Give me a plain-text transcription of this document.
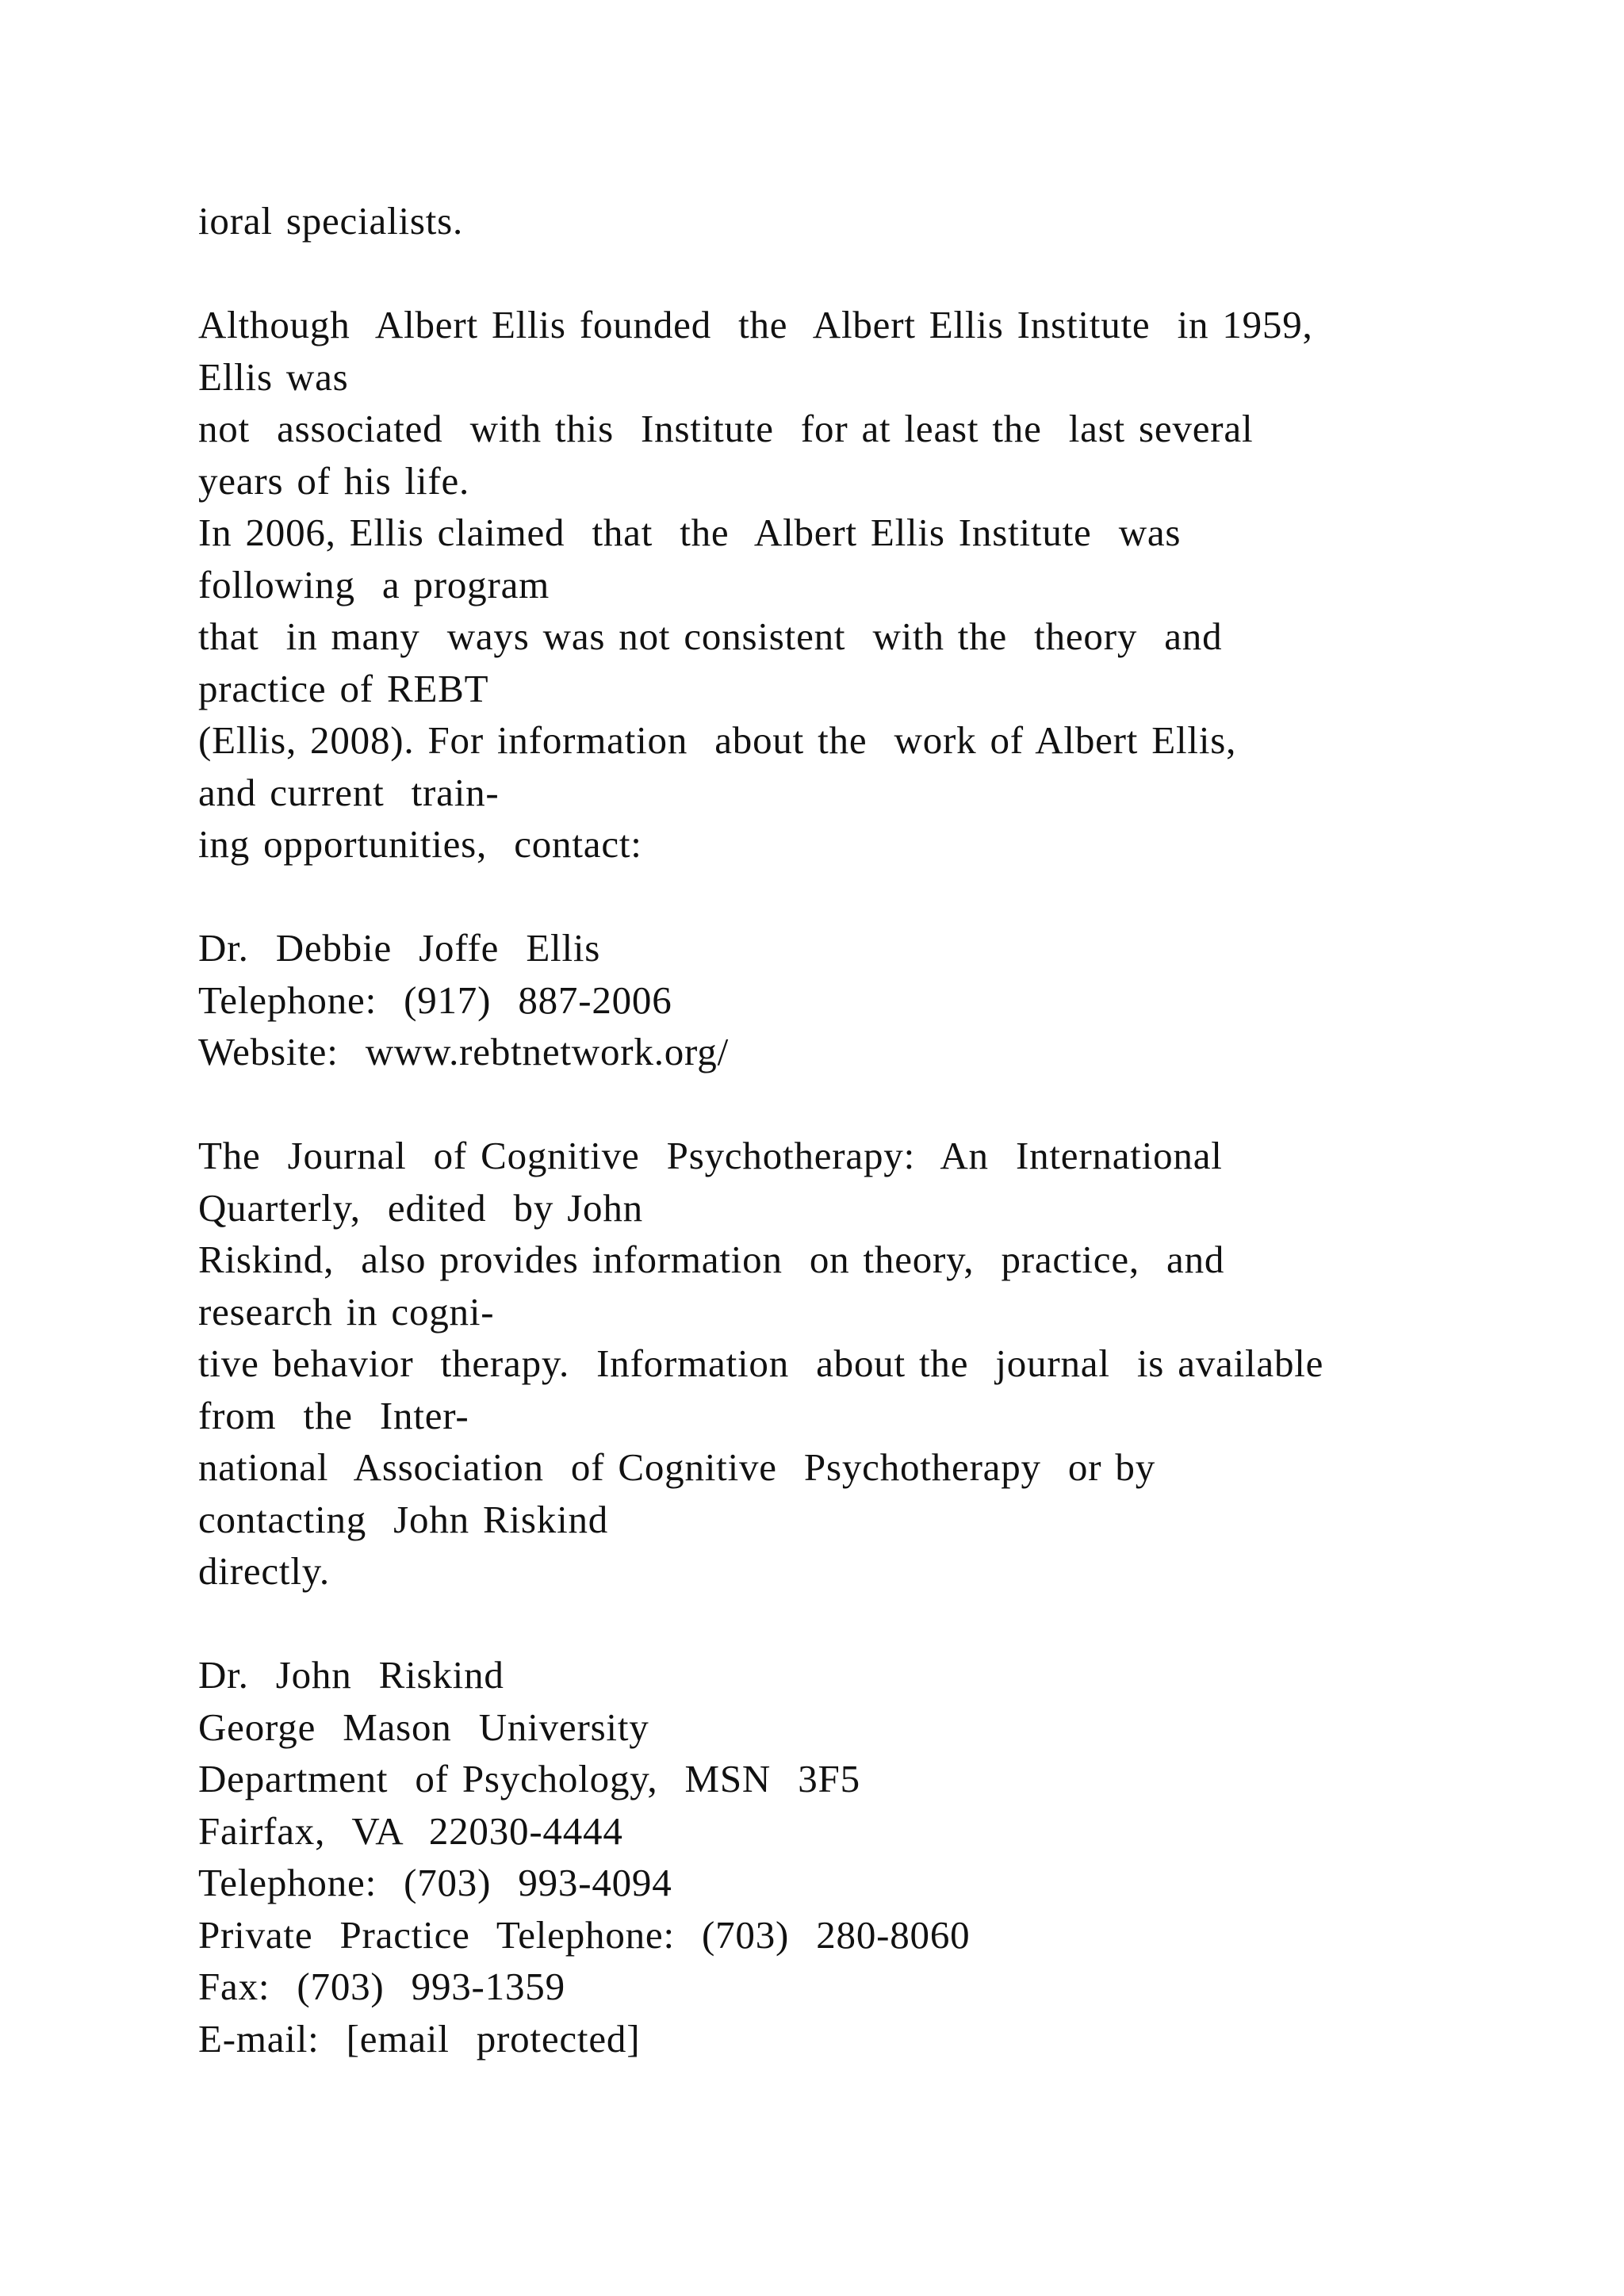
ioral specialists.
Although  Albert Ellis founded  the  Albert Ellis Institute  in 1959,
Ellis was
not  associated  with this  Institute  for at least the  last several
years of his life.
In 2006, Ellis claimed  that  the  Albert Ellis Institute  was
following  a program
that  in many  ways was not consistent  with the  theory  and
practice of REBT
(Ellis, 2008). For information  about the  work of Albert Ellis,
and current  train-
ing opportunities,  contact:
Dr.  Debbie  Joffe  Ellis
Telephone:  (917)  887-2006
Website:  www.rebtnetwork.org/
The  Journal  of Cognitive  Psychotherapy:  An  International
Quarterly,  edited  by John
Riskind,  also provides information  on theory,  practice,  and
research in cogni-
tive behavior  therapy.  Information  about the  journal  is available
from  the  Inter-
national  Association  of Cognitive  Psychotherapy  or by
contacting  John Riskind
directly.
Dr.  John  Riskind
George  Mason  University
Department  of Psychology,  MSN  3F5
Fairfax,  VA  22030-4444
Telephone:  (703)  993-4094
Private  Practice  Telephone:  (703)  280-8060
Fax:  (703)  993-1359
E-mail:  [email  protected]
